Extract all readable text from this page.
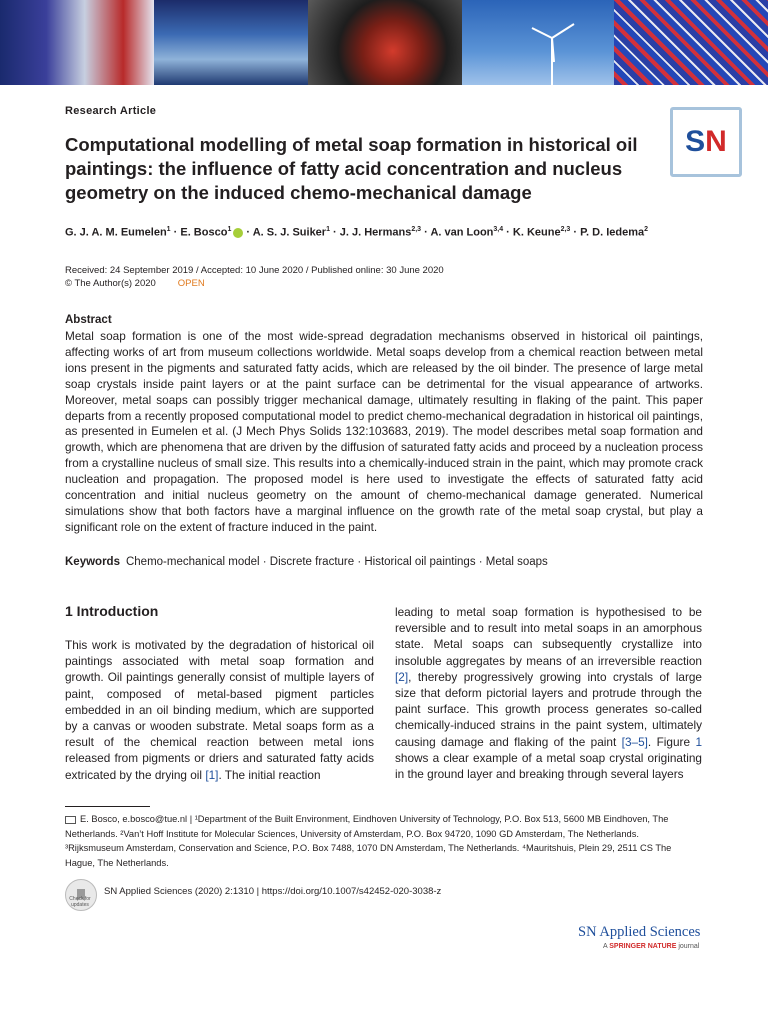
Research Article
Computational modelling of metal soap formation in historical oil paintings: the influence of fatty acid concentration and nucleus geometry on the induced chemo-mechanical damage
S N
G. J. A. M. Eumelen$^1$ · E. Bosco$^1$ · A. S. J. Suiker$^1$ · J. J. Hermans$^{2,3}$ · A. van Loon$^{3,4}$ · K. Keune$^{2,3}$ · P. D. Iedema$^2$
Received: 24 September 2019 / Accepted: 10 June 2020 / Published online: 30 June 2020
© The Author(s) 2020 OPEN
Abstract
Metal soap formation is one of the most wide-spread degradation mechanisms observed in historical oil paintings, affecting works of art from museum collections worldwide. Metal soaps develop from a chemical reaction between metal ions present in the pigments and saturated fatty acids, which are released by the oil binder. The presence of large metal soap crystals inside paint layers or at the paint surface can be detrimental for the visual appearance of artworks. Moreover, metal soaps can possibly trigger mechanical damage, ultimately resulting in flaking of the paint. This paper departs from a recently proposed computational model to predict chemo-mechanical degradation in historical oil paintings, as presented in Eumelen et al. (J Mech Phys Solids 132:103683, 2019). The model describes metal soap formation and growth, which are phenomena that are driven by the diffusion of saturated fatty acids and proceed by a nucleation process from a crystalline nucleus of small size. This results into a chemically-induced strain in the paint, which may promote crack nucleation and propagation. The proposed model is here used to investigate the effects of saturated fatty acid concentration and initial nucleus geometry on the amount of chemo-mechanical damage generated. Numerical simulations show that both factors have a marginal influence on the growth rate of the metal soap crystal, but play a significant role on the extent of fracture induced in the paint.
Keywords Chemo-mechanical model · Discrete fracture · Historical oil paintings · Metal soaps
1 Introduction
This work is motivated by the degradation of historical oil paintings associated with metal soap formation and growth. Oil paintings generally consist of multiple layers of paint, composed of metal-based pigment particles embedded in an oil binding medium, which are supported by a canvas or wooden substrate. Metal soaps form as a result of the chemical reaction between metal ions released from pigments or driers and saturated fatty acids extricated by the drying oil [1]. The initial reaction
leading to metal soap formation is hypothesised to be reversible and to result into metal soaps in an amorphous state. Metal soaps can subsequently crystallize into insoluble aggregates by means of an irreversible reaction [2], thereby progressively growing into crystals of large size that deform pictorial layers and protrude through the paint surface. This growth process generates so-called chemically-induced strains in the paint system, ultimately causing damage and flaking of the paint [3–5]. Figure 1 shows a clear example of a metal soap crystal originating in the ground layer and breaking through several layers
E. Bosco, e.bosco@tue.nl | ¹Department of the Built Environment, Eindhoven University of Technology, P.O. Box 513, 5600 MB Eindhoven, The Netherlands. ²Van’t Hoff Institute for Molecular Sciences, University of Amsterdam, P.O. Box 94720, 1090 GD Amsterdam, The Netherlands. ³Rijksmuseum Amsterdam, Conservation and Science, P.O. Box 7488, 1070 DN Amsterdam, The Netherlands. ⁴Mauritshuis, Plein 29, 2511 CS The Hague, The Netherlands.
Check for updates
SN Applied Sciences (2020) 2:1310 | https://doi.org/10.1007/s42452-020-3038-z
SN Applied Sciences
A SPRINGER NATURE journal
